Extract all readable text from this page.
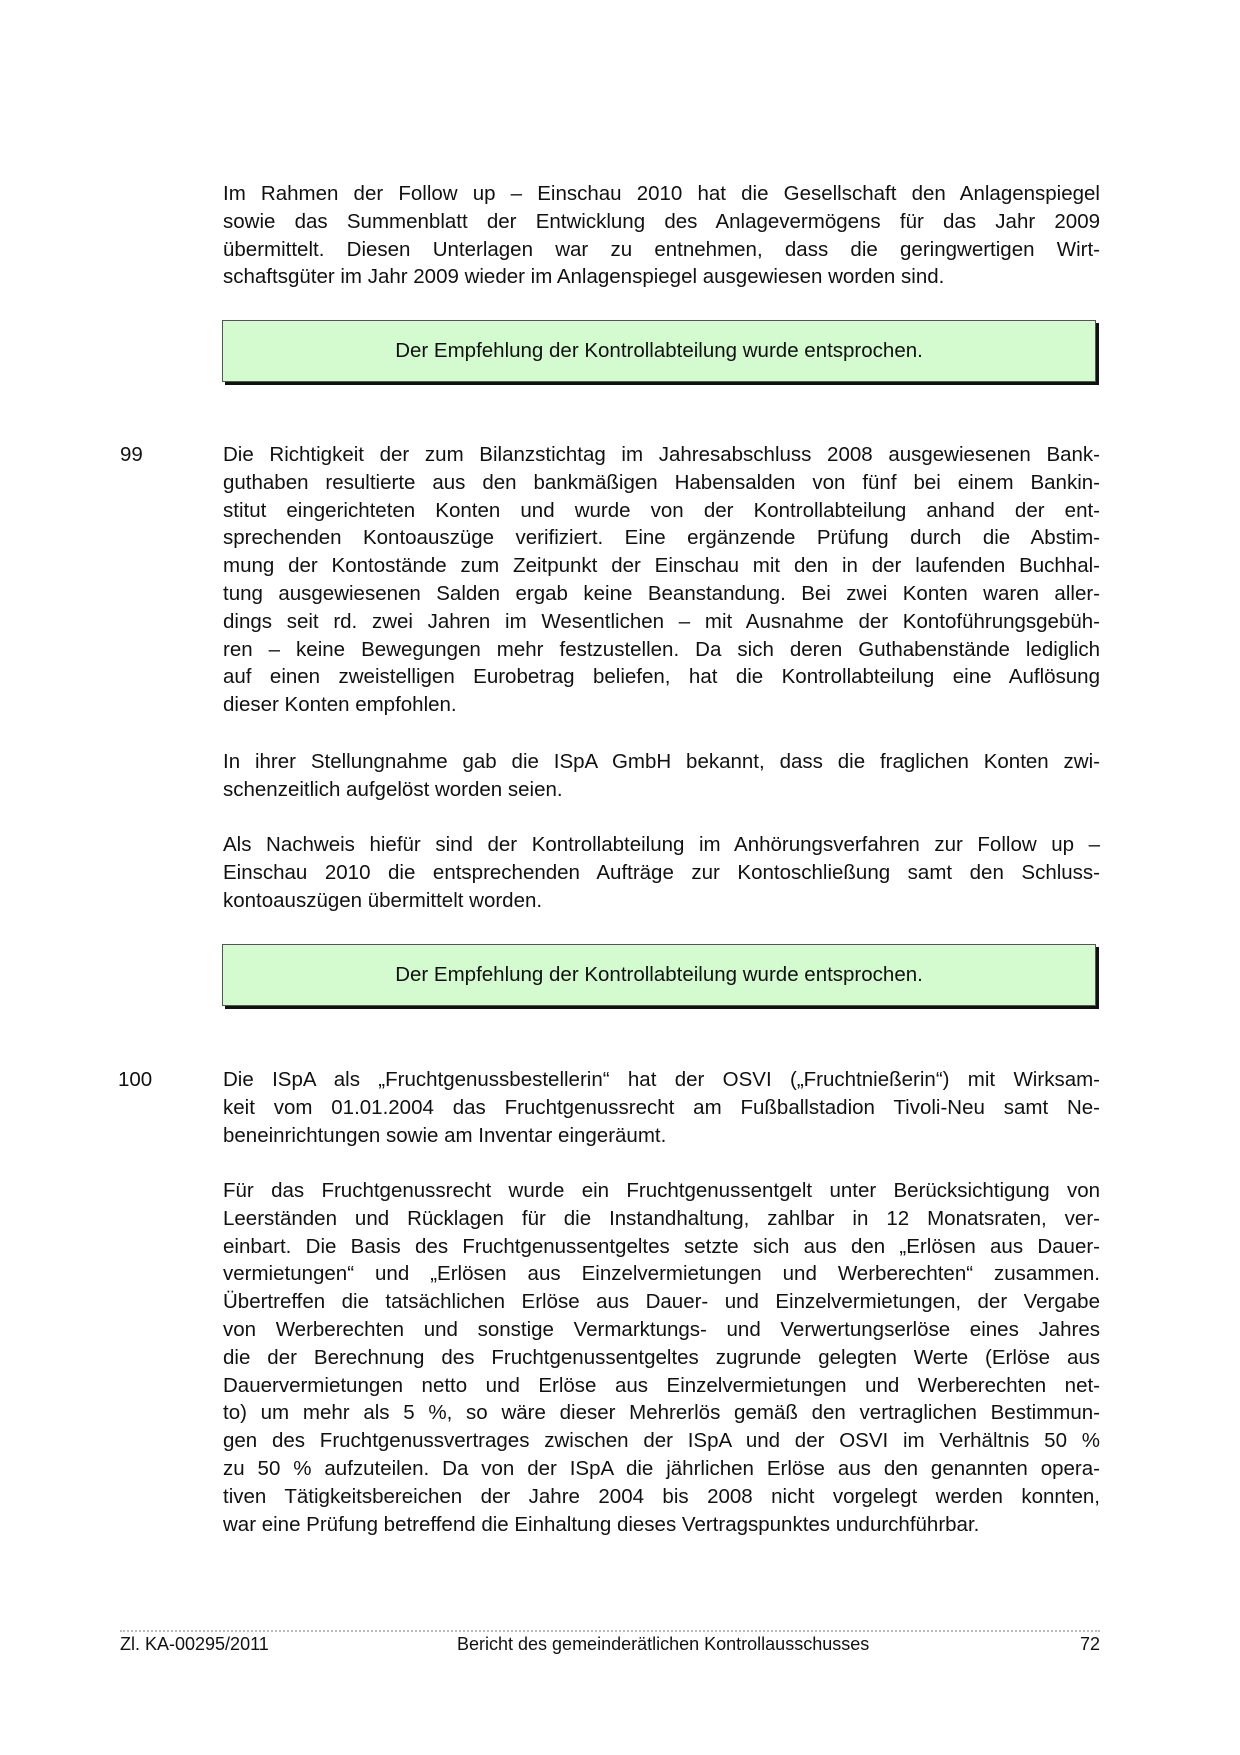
Im Rahmen der Follow up – Einschau 2010 hat die Gesellschaft den Anlagenspiegel
sowie das Summenblatt der Entwicklung des Anlagevermögens für das Jahr 2009
übermittelt. Diesen Unterlagen war zu entnehmen, dass die geringwertigen Wirt-
schaftsgüter im Jahr 2009 wieder im Anlagenspiegel ausgewiesen worden sind.
Der Empfehlung der Kontrollabteilung wurde entsprochen.
99	Die Richtigkeit der zum Bilanzstichtag im Jahresabschluss 2008 ausgewiesenen Bank-
guthaben resultierte aus den bankmäßigen Habensalden von fünf bei einem Bankin-
stitut eingerichteten Konten und wurde von der Kontrollabteilung anhand der ent-
sprechenden Kontoauszüge verifiziert. Eine ergänzende Prüfung durch die Abstim-
mung der Kontostände zum Zeitpunkt der Einschau mit den in der laufenden Buchhal-
tung ausgewiesenen Salden ergab keine Beanstandung. Bei zwei Konten waren aller-
dings seit rd. zwei Jahren im Wesentlichen – mit Ausnahme der Kontoführungsgebüh-
ren – keine Bewegungen mehr festzustellen. Da sich deren Guthabenstände lediglich
auf einen zweistelligen Eurobetrag beliefen, hat die Kontrollabteilung eine Auflösung
dieser Konten empfohlen.
In ihrer Stellungnahme gab die ISpA GmbH bekannt, dass die fraglichen Konten zwi-
schenzeitlich aufgelöst worden seien.
Als Nachweis hiefür sind der Kontrollabteilung im Anhörungsverfahren zur Follow up –
Einschau 2010 die entsprechenden Aufträge zur Kontoschließung samt den Schluss-
kontoauszügen übermittelt worden.
Der Empfehlung der Kontrollabteilung wurde entsprochen.
100	Die ISpA als „Fruchtgenussbestellerin“ hat der OSVI („Fruchtnießerin“) mit Wirksam-
keit vom 01.01.2004 das Fruchtgenussrecht am Fußballstadion Tivoli-Neu samt Ne-
beneinrichtungen sowie am Inventar eingeräumt.
Für das Fruchtgenussrecht wurde ein Fruchtgenussentgelt unter Berücksichtigung von
Leerständen und Rücklagen für die Instandhaltung, zahlbar in 12 Monatsraten, ver-
einbart. Die Basis des Fruchtgenussentgeltes setzte sich aus den „Erlösen aus Dauer-
vermietungen“ und „Erlösen aus Einzelvermietungen und Werberechten“ zusammen.
Übertreffen die tatsächlichen Erlöse aus Dauer- und Einzelvermietungen, der Vergabe
von Werberechten und sonstige Vermarktungs- und Verwertungserlöse eines Jahres
die der Berechnung des Fruchtgenussentgeltes zugrunde gelegten Werte (Erlöse aus
Dauervermietungen netto und Erlöse aus Einzelvermietungen und Werberechten net-
to) um mehr als 5 %, so wäre dieser Mehrerlös gemäß den vertraglichen Bestimmun-
gen des Fruchtgenussvertrages zwischen der ISpA und der OSVI im Verhältnis 50 %
zu 50 % aufzuteilen. Da von der ISpA die jährlichen Erlöse aus den genannten opera-
tiven Tätigkeitsbereichen der Jahre 2004 bis 2008 nicht vorgelegt werden konnten,
war eine Prüfung betreffend die Einhaltung dieses Vertragspunktes undurchführbar.
Zl. KA-00295/2011	Bericht des gemeinderätlichen Kontrollausschusses	72
